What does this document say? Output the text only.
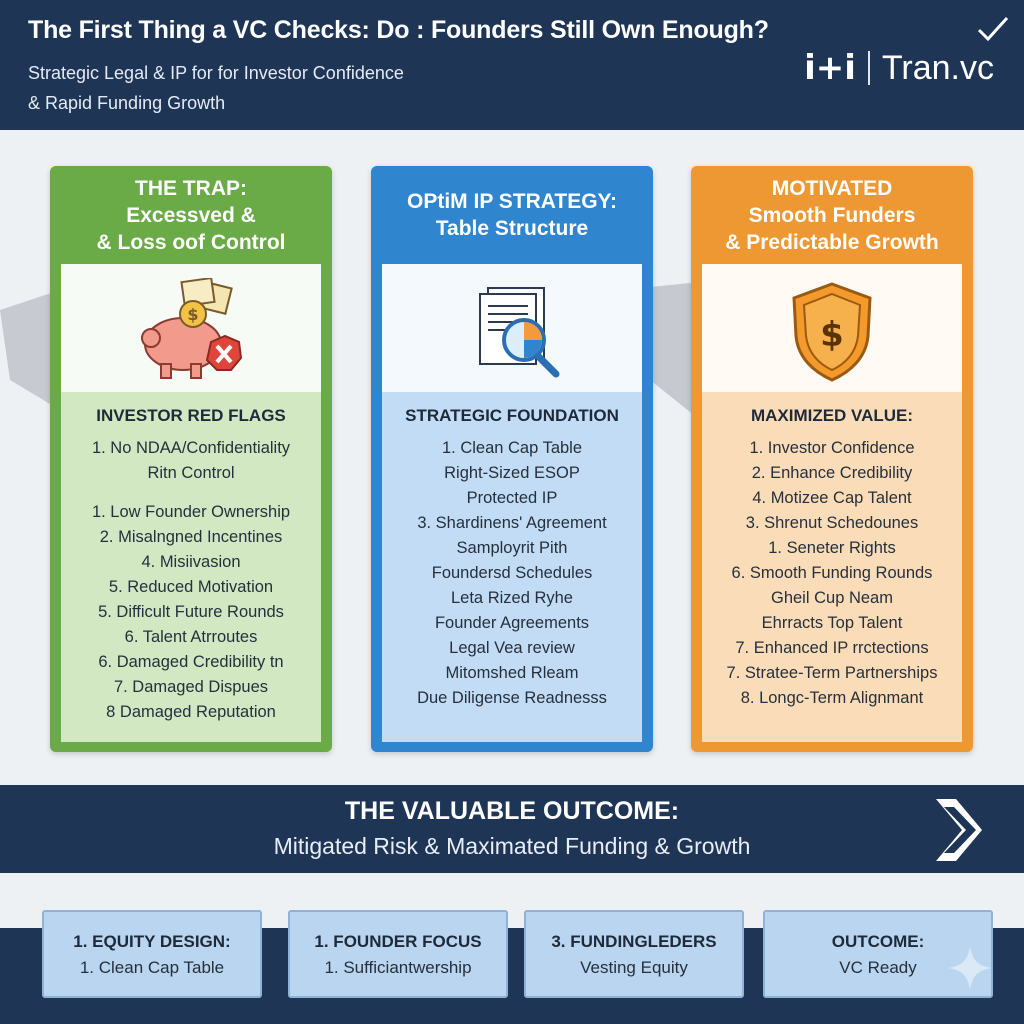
The First Thing a VC Checks: Do : Founders Still Own Enough?
Strategic Legal & IP for for Investor Confidence
& Rapid Funding Growth
i+i Tran.vc
THE TRAP:
Excessved &
& Loss oof Control
$
INVESTOR RED FLAGS
1. No NDAA/Confidentiality
Ritn Control
1. Low Founder Ownership
2. Misalngned Incentines
4. Misiivasion
5. Reduced Motivation
5. Difficult Future Rounds
6. Talent Atrroutes
6. Damaged Credibility tn
7. Damaged Dispues
8 Damaged Reputation
OPtiM IP STRATEGY:
Table Structure
STRATEGIC FOUNDATION
1. Clean Cap Table
Right-Sized ESOP
Protected IP
3. Shardinens' Agreement
Samployrit Pith
Foundersd Schedules
Leta Rized Ryhe
Founder Agreements
Legal Vea review
Mitomshed Rleam
Due Diligense Readnesss
MOTIVATED
Smooth Funders
& Predictable Growth
$
MAXIMIZED VALUE:
1. Investor Confidence
2. Enhance Credibility
4. Motizee Cap Talent
3. Shrenut Schedounes
1. Seneter Rights
6. Smooth Funding Rounds
Gheil Cup Neam
Ehrracts Top Talent
7. Enhanced IP rrctections
7. Stratee-Term Partnerships
8. Longc-Term Alignmant
THE VALUABLE OUTCOME:
Mitigated Risk & Maximated Funding & Growth
1. EQUITY DESIGN:
1. Clean Cap Table
1. FOUNDER FOCUS
1. Sufficiantwership
3. FUNDINGLEDERS
Vesting Equity
OUTCOME:
VC Ready
